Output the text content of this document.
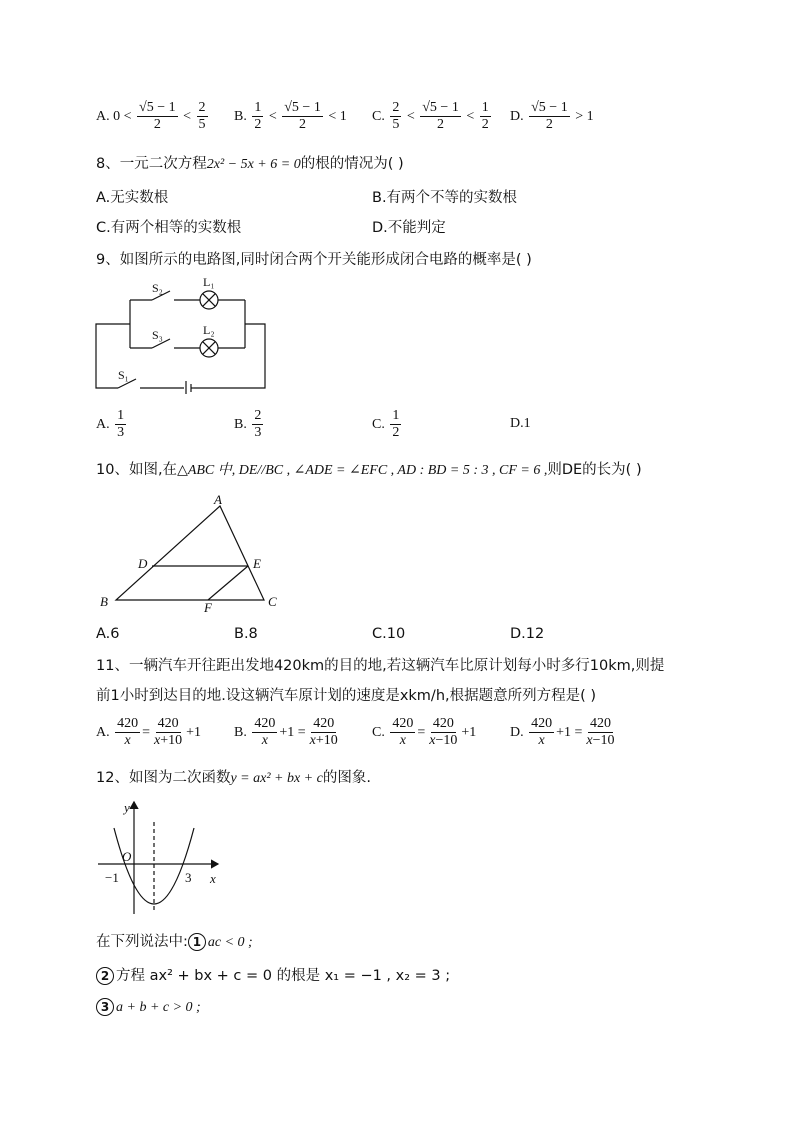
A. $0 < \frac{√5 - 1}{2} < \frac{2}{5} B$. $\frac{1}{2} < \frac{√5 - 1}{2} < 1$ C. $\frac{2}{5} < \frac{√5 - 1}{2} < \frac{1}{2} D$. $\frac{√5 - 1}{2} > 1$
8、一元二次方程2x² − 5x + 6 = 0的根的情况为( )
A.无实数根	B.有两个不等的实数根
C.有两个相等的实数根	D.不能判定
9、如图所示的电路图,同时闭合两个开关能形成闭合电路的概率是( )
S₂	L₁
S₃	L₂
S₁
A.
$\frac{1}{3}$	B.
$\frac{2}{3}$	C.
$\frac{1}{2}$	D. 1
10、如图,在△ABC 中, DE//BC , ∠ADE = ∠EFC , AD : BD = 5 : 3 , CF = 6 ,则DE的长为( )
A
D	E
B	F	C
A.6	B.8	C.10	D.12
11、一辆汽车开往距出发地420km的目的地,若这辆汽车比原计划每小时多行10km,则提
前1小时到达目的地.设这辆汽车原计划的速度是xkm/h,根据题意所列方程是( )
A. $\frac{420}{x} = \frac{420}{x+10} +1$ B. $\frac{420}{x} +1 = \frac{420}{x+10} C$. $\frac{420}{x} = \frac{420}{x-10} +1$ D. $\frac{420}{x} +1 = \frac{420}{x-10}$
12、如图为二次函数y = ax² + bx + c的图象.
y
x
O
−1	3
在下列说法中: 1 ac < 0 ;
2 方程 ax² + bx + c = 0 的根是 x₁ = −1 , x₂ = 3 ;
3 a + b + c > 0 ;
